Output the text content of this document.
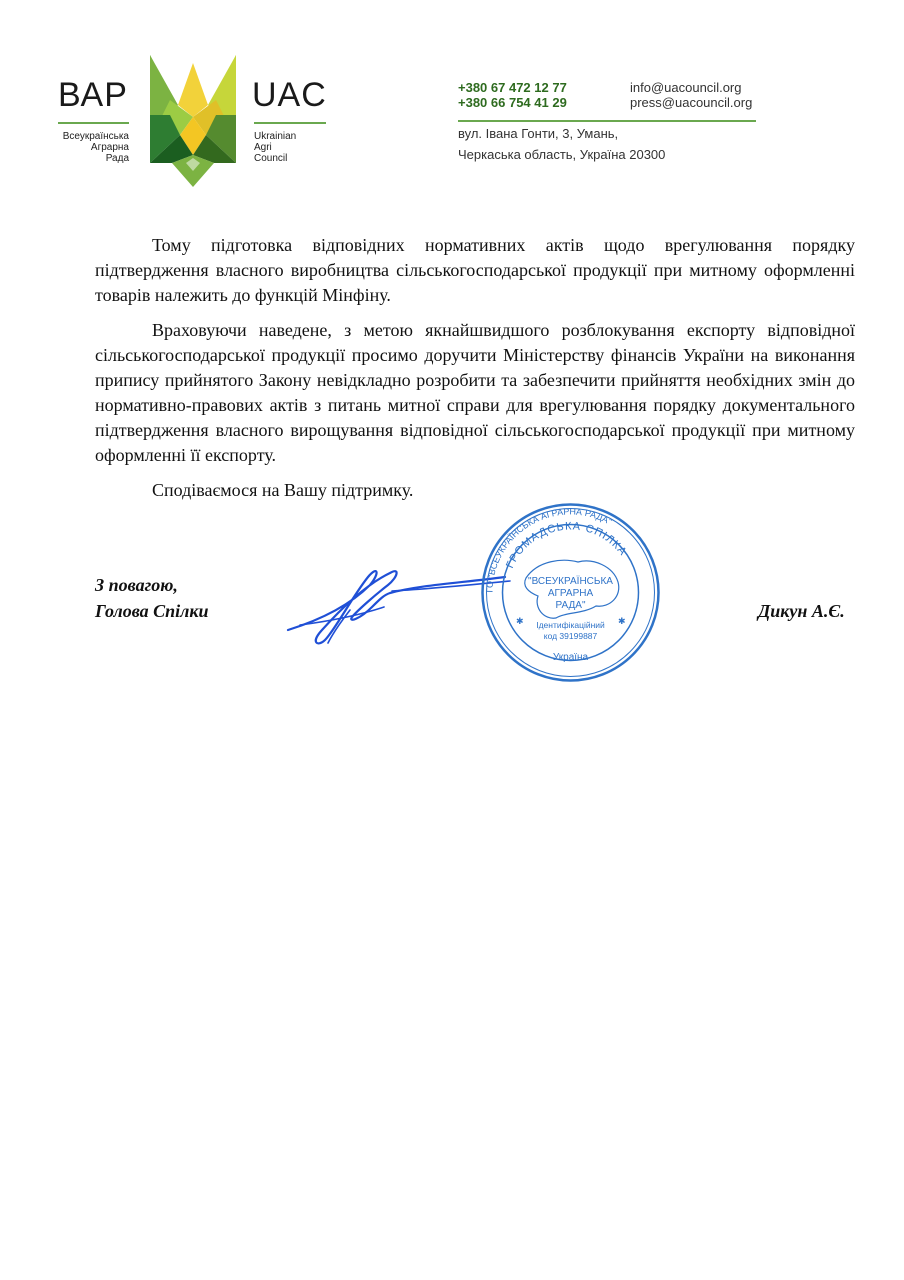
ВАР
Всеукраїнська
Аграрна
Рада
UAC
Ukrainian
Agri
Council
+380 67 472 12 77
+380 66 754 41 29
info@uacouncil.org
press@uacouncil.org
вул. Івана Гонти, 3, Умань,
Черкаська область, Україна 20300

Тому підготовка відповідних нормативних актів щодо врегулювання порядку підтвердження власного виробництва сільськогосподарської продукції при митному оформленні товарів належить до функцій Мінфіну.

Враховуючи наведене, з метою якнайшвидшого розблокування експорту відповідної сільськогосподарської продукції просимо доручити Міністерству фінансів України на виконання припису прийнятого Закону невідкладно розробити та забезпечити прийняття необхідних змін до нормативно-правових актів з питань митної справи для врегулювання порядку документального підтвердження власного вирощування відповідної сільськогосподарської продукції при митному оформленні її експорту.

Сподіваємося на Вашу підтримку.

З повагою,
Голова Спілки
ГО "ВСЕУКРАЇНСЬКА АГРАРНА РАДА"
ГРОМАДСЬКА СПІЛКА
"ВСЕУКРАЇНСЬКА
АГРАРНА
РАДА"
Ідентифікаційний
код 39199887
Україна
✱	✱	Дикун А.Є.
